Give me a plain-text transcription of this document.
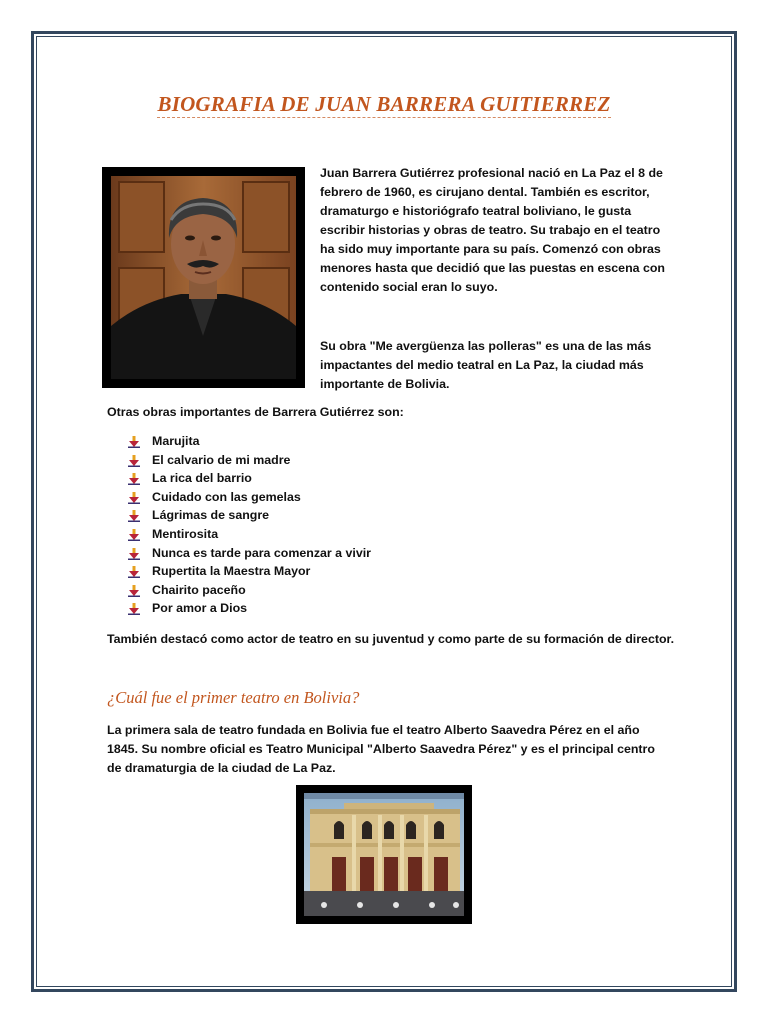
BIOGRAFIA DE JUAN BARRERA GUITIERREZ

Juan Barrera Gutiérrez profesional nació en La Paz el 8 de febrero de 1960, es cirujano dental. También es escritor, dramaturgo e historiógrafo teatral boliviano, le gusta escribir historias y obras de teatro. Su trabajo en el teatro ha sido muy importante para su país. Comenzó con obras menores hasta que decidió que las puestas en escena con contenido social eran lo suyo.

Su obra "Me avergüenza las polleras" es una de las más impactantes del medio teatral en La Paz, la ciudad más importante de Bolivia.

Otras obras importantes de Barrera Gutiérrez son:

Marujita
El calvario de mi madre
La rica del barrio
Cuidado con las gemelas
Lágrimas de sangre
Mentirosita
Nunca es tarde para comenzar a vivir
Rupertita la Maestra Mayor
Chairito paceño
Por amor a Dios

También destacó como actor de teatro en su juventud y como parte de su formación de director.

¿Cuál fue el primer teatro en Bolivia?

La primera sala de teatro fundada en Bolivia fue el teatro Alberto Saavedra Pérez en el año 1845. Su nombre oficial es Teatro Municipal "Alberto Saavedra Pérez" y es el principal centro de dramaturgia de la ciudad de La Paz.
